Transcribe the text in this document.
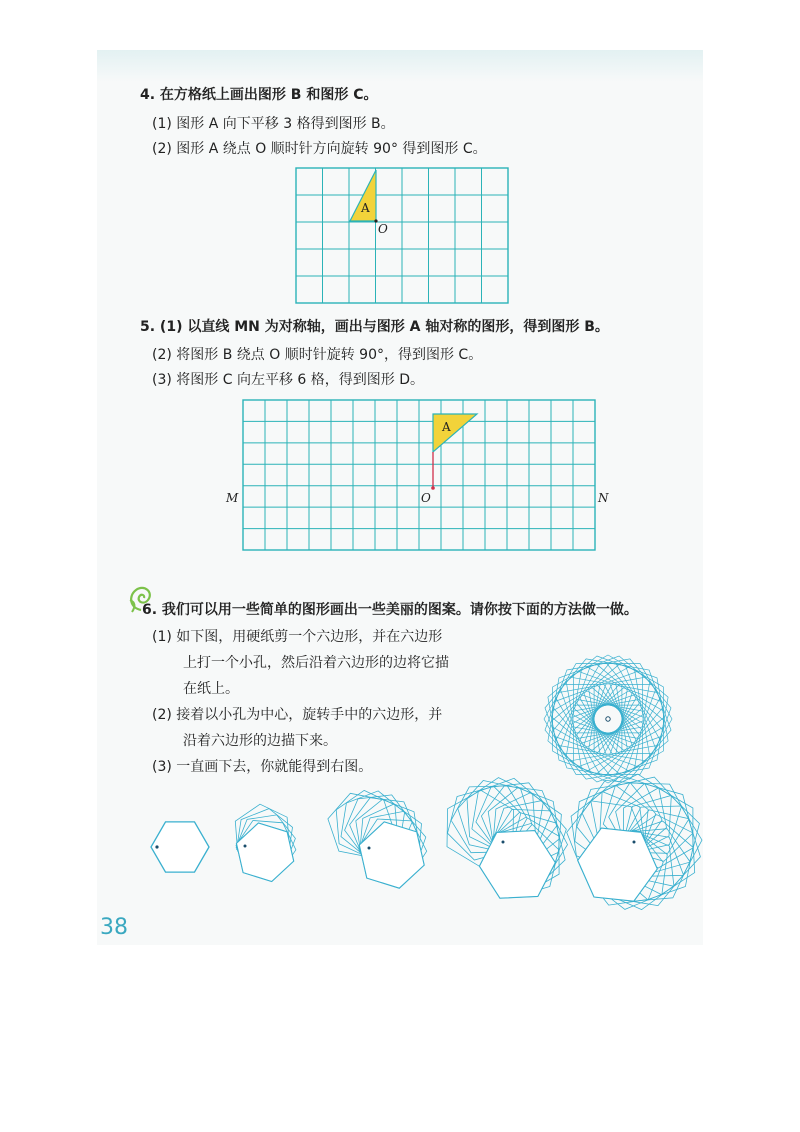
4. 在方格纸上画出图形 B 和图形 C。
(1) 图形 A 向下平移 3 格得到图形 B。
(2) 图形 A 绕点 O 顺时针方向旋转 90° 得到图形 C。
A
O
5. (1) 以直线 MN 为对称轴，画出与图形 A 轴对称的图形，得到图形 B。
(2) 将图形 B 绕点 O 顺时针旋转 90°，得到图形 C。
(3) 将图形 C 向左平移 6 格，得到图形 D。
A
O
M	N
6. 我们可以用一些简单的图形画出一些美丽的图案。请你按下面的方法做一做。
(1) 如下图，用硬纸剪一个六边形，并在六边形
上打一个小孔，然后沿着六边形的边将它描
在纸上。
(2) 接着以小孔为中心，旋转手中的六边形，并
沿着六边形的边描下来。
(3) 一直画下去，你就能得到右图。
38
